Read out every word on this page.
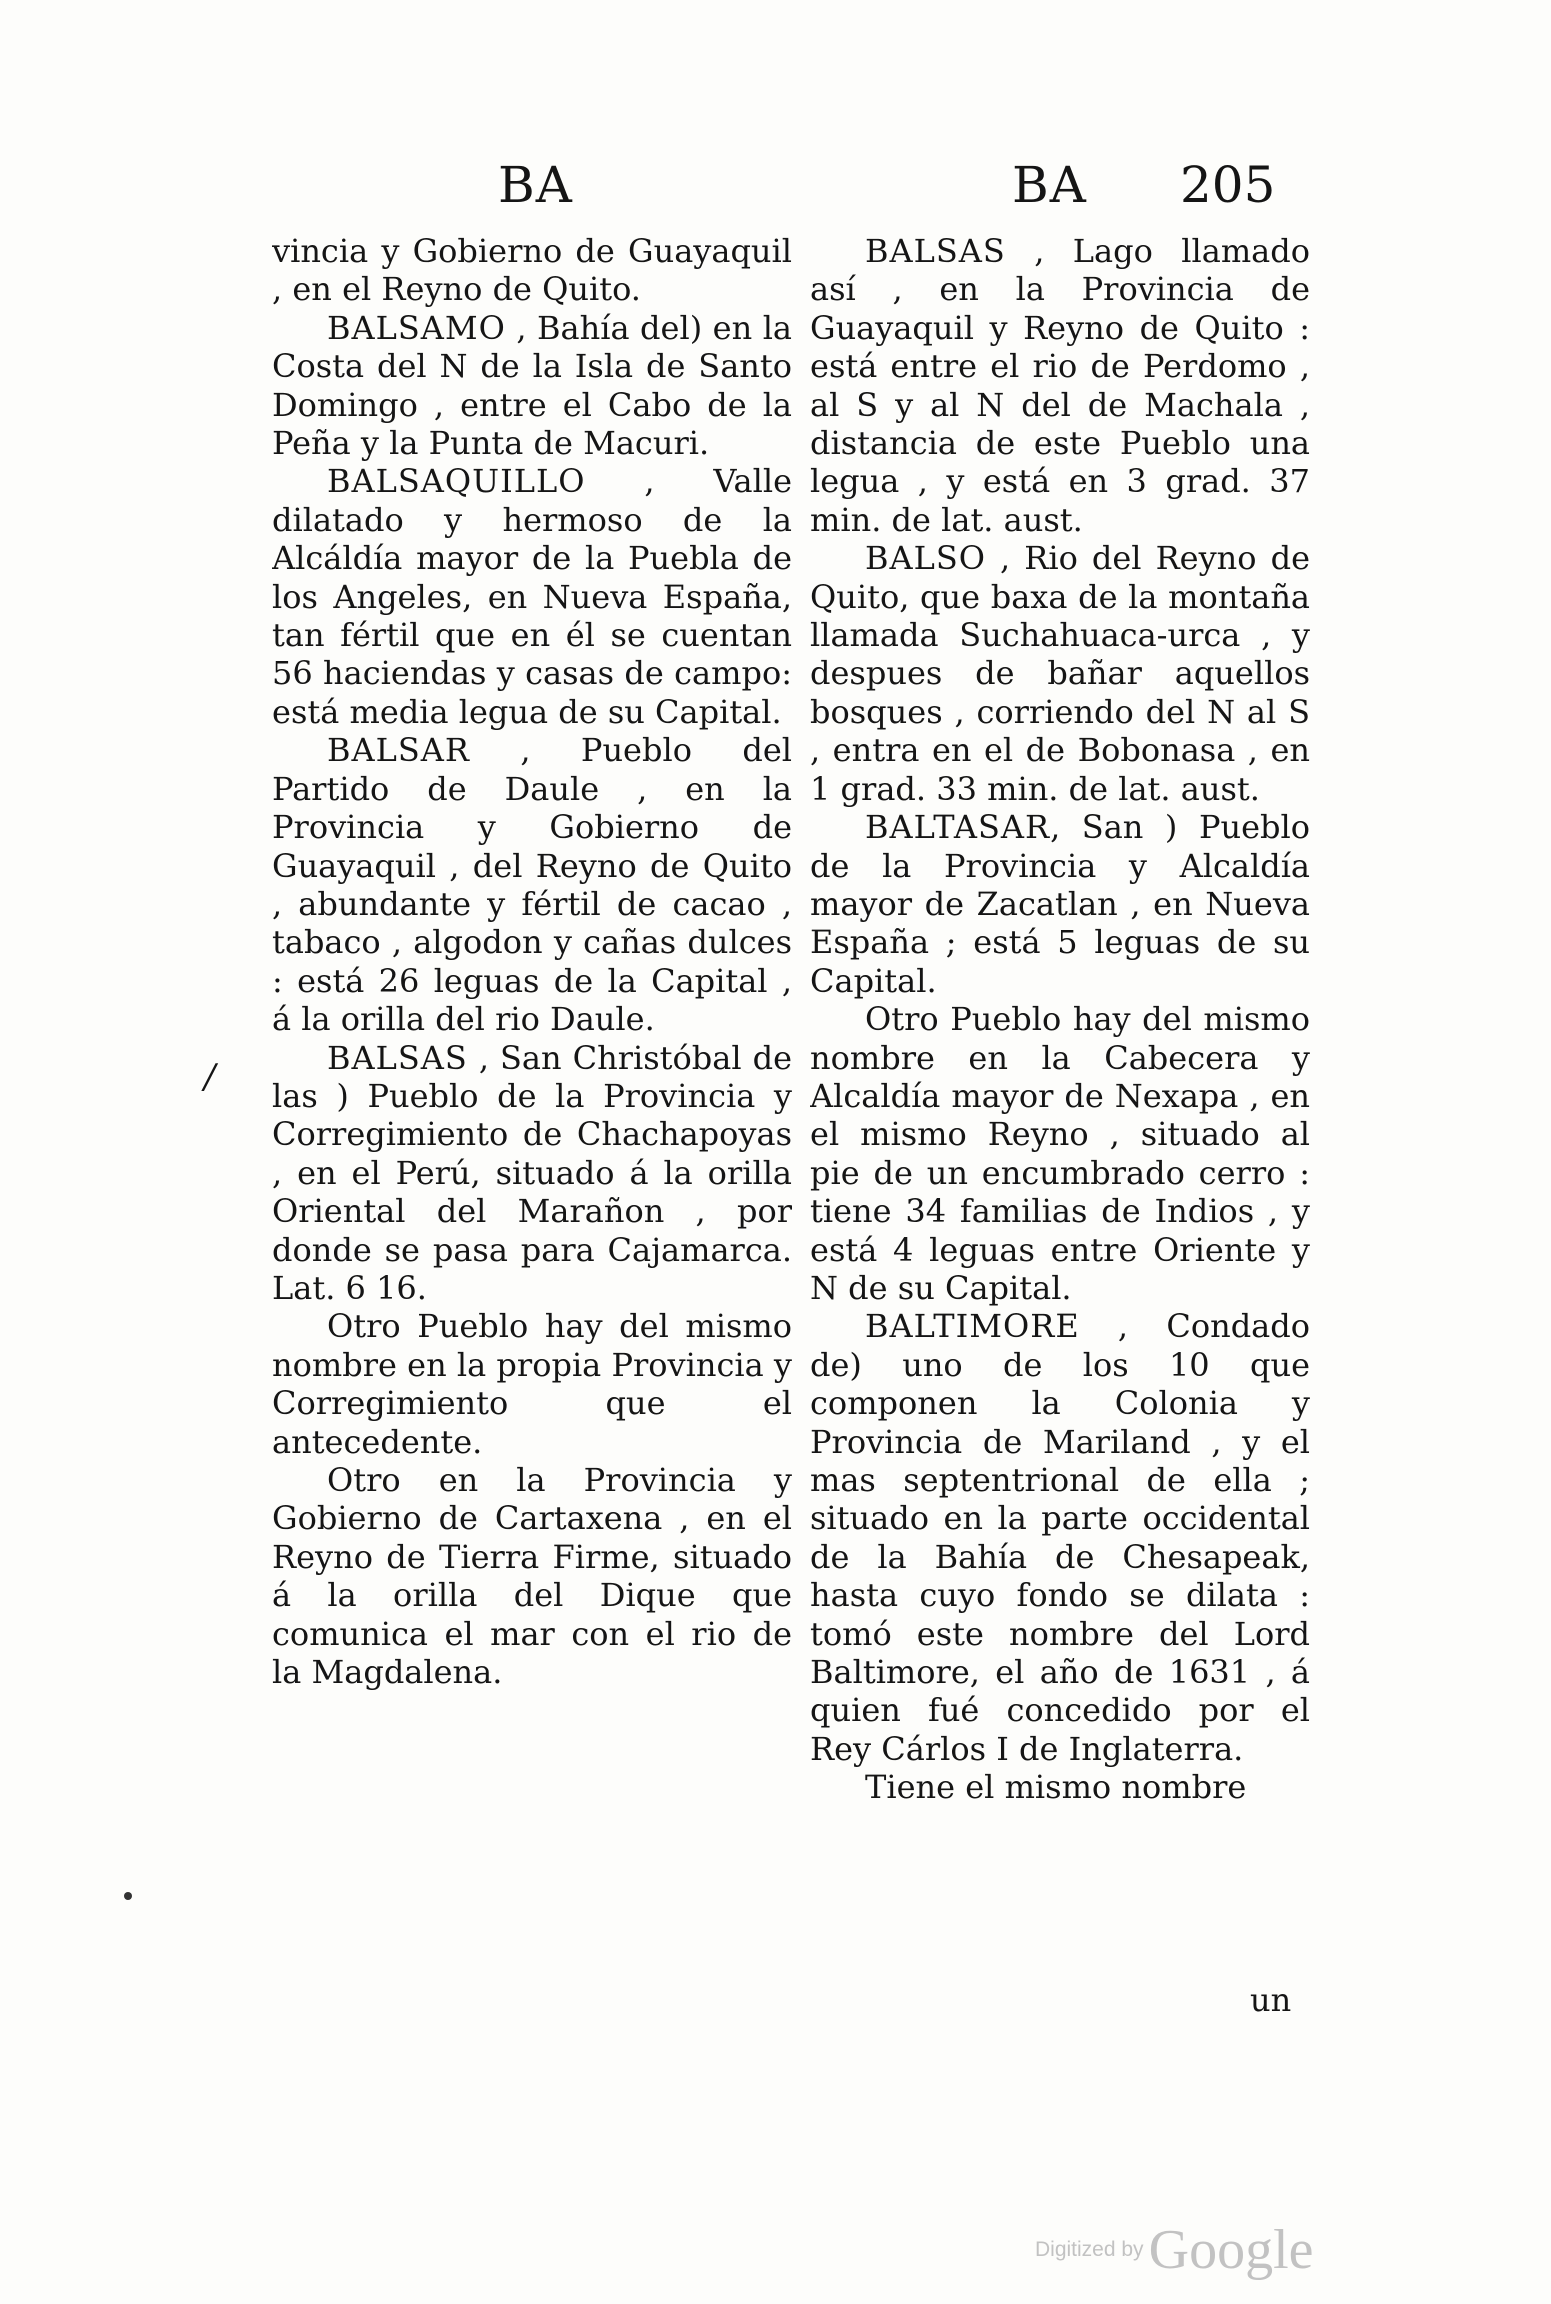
BA	BA 205

vincia y Gobierno de Guayaquil , en el Reyno de Quito.

BALSAMO , Bahía del) en la Costa del N de la Isla de Santo Domingo , entre el Cabo de la Peña y la Punta de Macuri.

BALSAQUILLO , Valle dilatado y hermoso de la Alcáldía mayor de la Puebla de los Angeles, en Nueva España, tan fértil que en él se cuentan 56 haciendas y casas de campo: está media legua de su Capital.

BALSAR , Pueblo del Partido de Daule , en la Provincia y Gobierno de Guayaquil , del Reyno de Quito , abundante y fértil de cacao , tabaco , algodon y cañas dulces : está 26 leguas de la Capital , á la orilla del rio Daule.

BALSAS , San Christóbal de las ) Pueblo de la Provincia y Corregimiento de Chachapoyas , en el Perú, situado á la orilla Oriental del Marañon , por donde se pasa para Cajamarca. Lat. 6 16.

Otro Pueblo hay del mismo nombre en la propia Provincia y Corregimiento que el antecedente.

Otro en la Provincia y Gobierno de Cartaxena , en el Reyno de Tierra Firme, situado á la orilla del Dique que comunica el mar con el rio de la Magdalena.

BALSAS , Lago llamado así , en la Provincia de Guayaquil y Reyno de Quito : está entre el rio de Perdomo , al S y al N del de Machala , distancia de este Pueblo una legua , y está en 3 grad. 37 min. de lat. aust.

BALSO , Rio del Reyno de Quito, que baxa de la montaña llamada Suchahuaca-urca , y despues de bañar aquellos bosques , corriendo del N al S , entra en el de Bobonasa , en 1 grad. 33 min. de lat. aust.

BALTASAR, San ) Pueblo de la Provincia y Alcaldía mayor de Zacatlan , en Nueva España ; está 5 leguas de su Capital.

Otro Pueblo hay del mismo nombre en la Cabecera y Alcaldía mayor de Nexapa , en el mismo Reyno , situado al pie de un encumbrado cerro : tiene 34 familias de Indios , y está 4 leguas entre Oriente y N de su Capital.

BALTIMORE , Condado de) uno de los 10 que componen la Colonia y Provincia de Mariland , y el mas septentrional de ella ; situado en la parte occidental de la Bahía de Chesapeak, hasta cuyo fondo se dilata : tomó este nombre del Lord Baltimore, el año de 1631 , á quien fué concedido por el Rey Cárlos I de Inglaterra.

Tiene el mismo nombre

un
/
Digitized by Google
